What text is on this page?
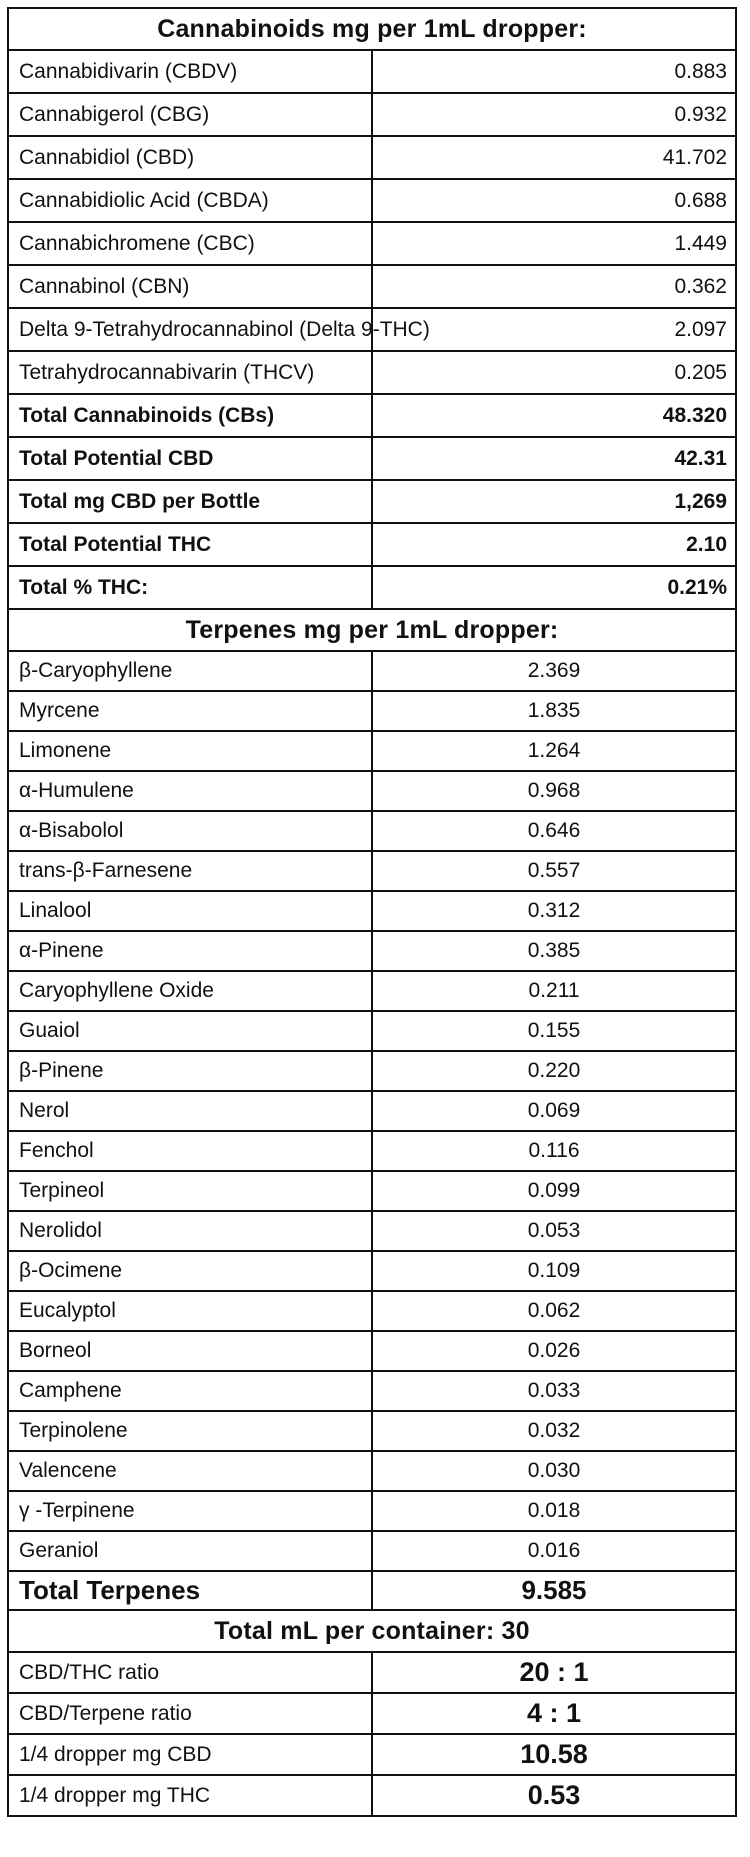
Cannabinoids mg per 1mL dropper:	
Cannabidivarin (CBDV)	0.883
Cannabigerol (CBG)	0.932
Cannabidiol (CBD)	41.702
Cannabidiolic Acid (CBDA)	0.688
Cannabichromene (CBC)	1.449
Cannabinol (CBN)	0.362
Delta 9-Tetrahydrocannabinol (Delta 9-THC)	2.097
Tetrahydrocannabivarin (THCV)	0.205
Total Cannabinoids (CBs)	48.320
Total Potential CBD	42.31
Total mg CBD per Bottle	1,269
Total Potential THC	2.10
Total % THC:	0.21%
Terpenes mg per 1mL dropper:	
β-Caryophyllene	2.369
Myrcene	1.835
Limonene	1.264
α-Humulene	0.968
α-Bisabolol	0.646
trans-β-Farnesene	0.557
Linalool	0.312
α-Pinene	0.385
Caryophyllene Oxide	0.211
Guaiol	0.155
β-Pinene	0.220
Nerol	0.069
Fenchol	0.116
Terpineol	0.099
Nerolidol	0.053
β-Ocimene	0.109
Eucalyptol	0.062
Borneol	0.026
Camphene	0.033
Terpinolene	0.032
Valencene	0.030
γ -Terpinene	0.018
Geraniol	0.016
Total Terpenes	9.585
Total mL per container: 30	
CBD/THC ratio	20 : 1
CBD/Terpene ratio	4 : 1
1/4 dropper mg CBD	10.58
1/4 dropper mg THC	0.53
